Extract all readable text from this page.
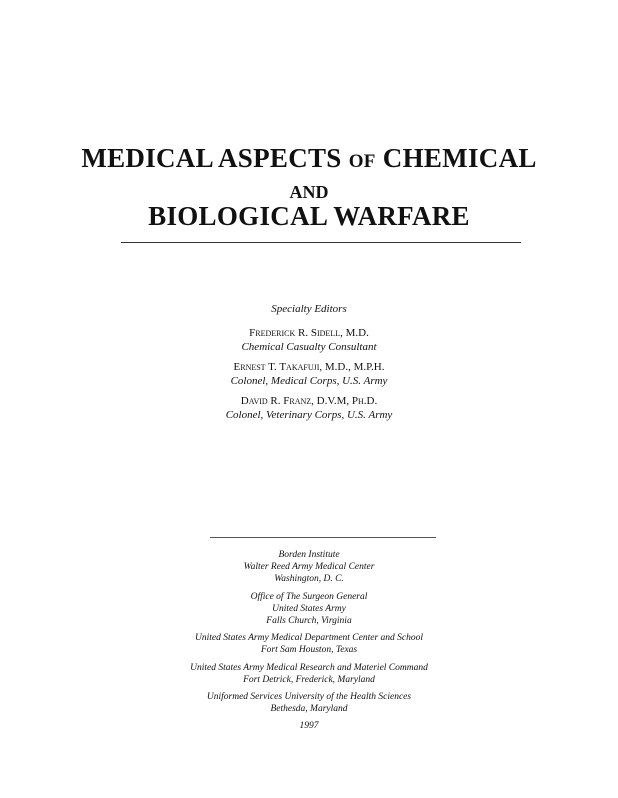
MEDICAL ASPECTS OF CHEMICAL
AND
BIOLOGICAL WARFARE
Specialty Editors
Frederick R. Sidell, M.D.
Chemical Casualty Consultant
Ernest T. Takafuji, M.D., M.P.H.
Colonel, Medical Corps, U.S. Army
David R. Franz, D.V.M, Ph.D.
Colonel, Veterinary Corps, U.S. Army
Borden Institute
Walter Reed Army Medical Center
Washington, D. C.
Office of The Surgeon General
United States Army
Falls Church, Virginia
United States Army Medical Department Center and School
Fort Sam Houston, Texas
United States Army Medical Research and Materiel Command
Fort Detrick, Frederick, Maryland
Uniformed Services University of the Health Sciences
Bethesda, Maryland
1997
